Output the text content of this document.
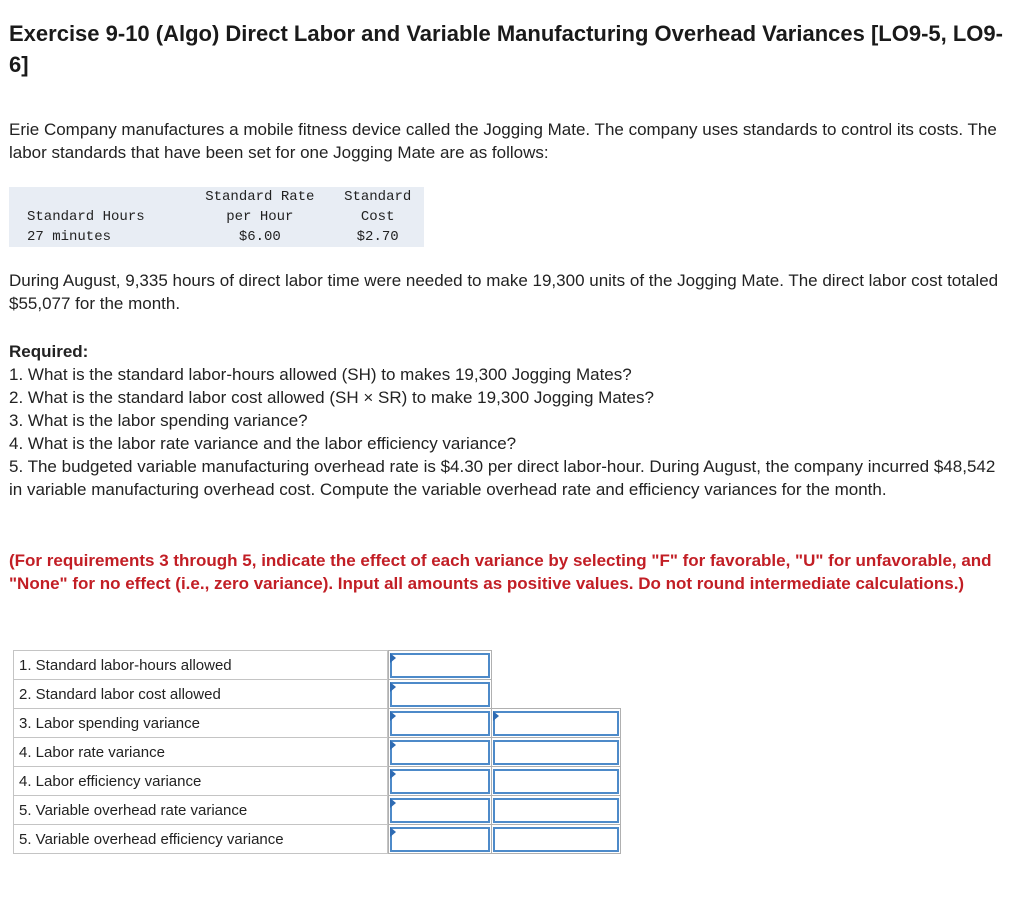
Exercise 9-10 (Algo) Direct Labor and Variable Manufacturing Overhead Variances [LO9-5, LO9-6]

Erie Company manufactures a mobile fitness device called the Jogging Mate. The company uses standards to control its costs. The labor standards that have been set for one Jogging Mate are as follows:

	Standard Rate	Standard
Standard Hours	per Hour	Cost
27 minutes	$6.00	$2.70

During August, 9,335 hours of direct labor time were needed to make 19,300 units of the Jogging Mate. The direct labor cost totaled $55,077 for the month.

Required:

1. What is the standard labor-hours allowed (SH) to makes 19,300 Jogging Mates?
2. What is the standard labor cost allowed (SH × SR) to make 19,300 Jogging Mates?
3. What is the labor spending variance?
4. What is the labor rate variance and the labor efficiency variance?
5. The budgeted variable manufacturing overhead rate is $4.30 per direct labor-hour. During August, the company incurred $48,542 in variable manufacturing overhead cost. Compute the variable overhead rate and efficiency variances for the month.

(For requirements 3 through 5, indicate the effect of each variance by selecting "F" for favorable, "U" for unfavorable, and "None" for no effect (i.e., zero variance). Input all amounts as positive values. Do not round intermediate calculations.)

1. Standard labor-hours allowed		

2. Standard labor cost allowed		

3. Labor spending variance		

4. Labor rate variance		

4. Labor efficiency variance		

5. Variable overhead rate variance		

5. Variable overhead efficiency variance		
